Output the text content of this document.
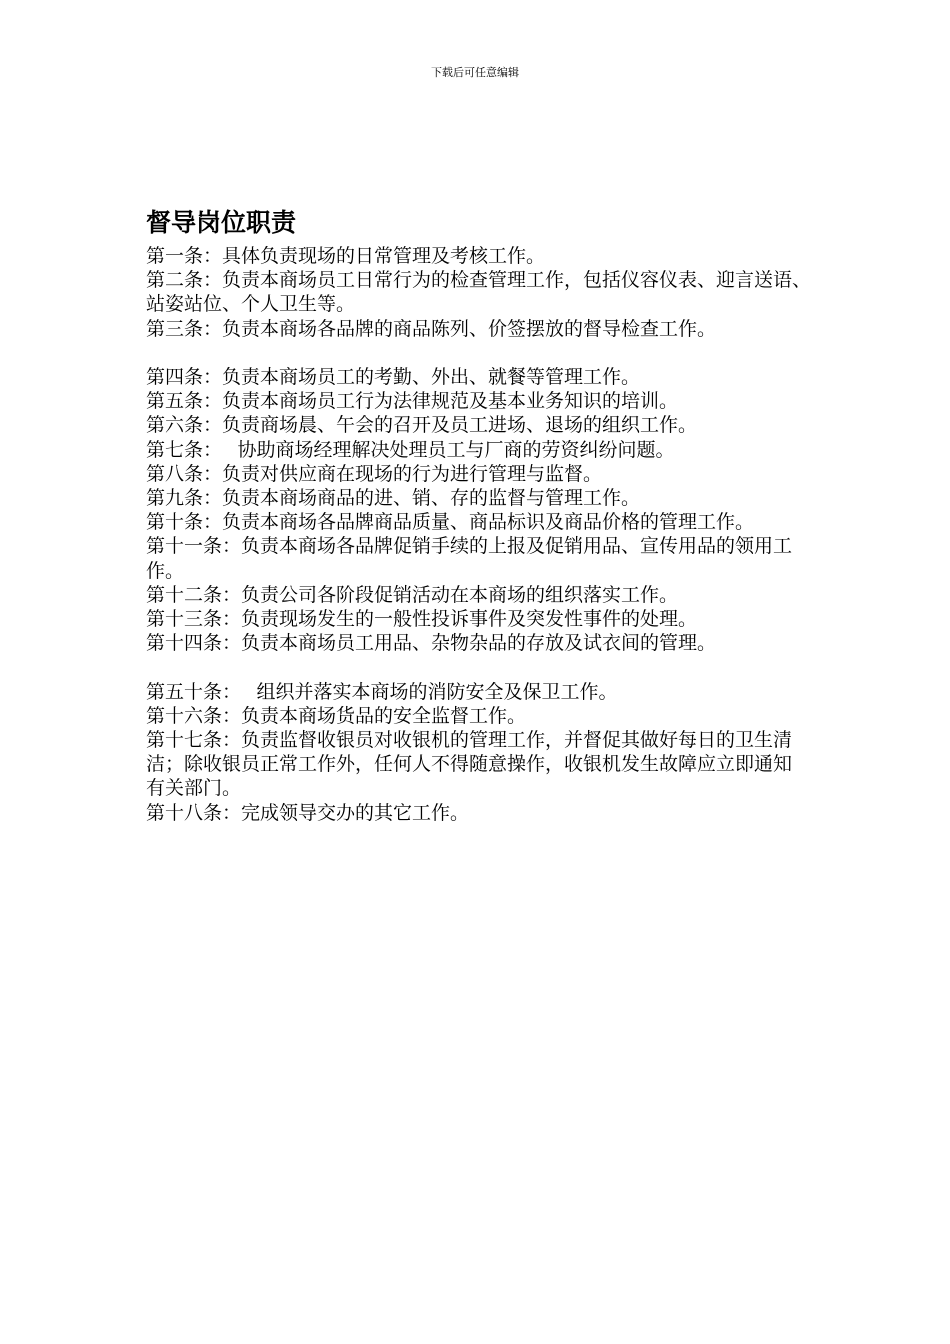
下载后可任意编辑
督导岗位职责

第一条：具体负责现场的日常管理及考核工作。

第二条：负责本商场员工日常行为的检查管理工作，包括仪容仪表、迎言送语、站姿站位、个人卫生等。

第三条：负责本商场各品牌的商品陈列、价签摆放的督导检查工作。

第四条：负责本商场员工的考勤、外出、就餐等管理工作。

第五条：负责本商场员工行为法律规范及基本业务知识的培训。

第六条：负责商场晨、午会的召开及员工进场、退场的组织工作。

第七条：　 协助商场经理解决处理员工与厂商的劳资纠纷问题。

第八条：负责对供应商在现场的行为进行管理与监督。

第九条：负责本商场商品的进、销、存的监督与管理工作。

第十条：负责本商场各品牌商品质量、商品标识及商品价格的管理工作。

第十一条：负责本商场各品牌促销手续的上报及促销用品、宣传用品的领用工作。

第十二条：负责公司各阶段促销活动在本商场的组织落实工作。

第十三条：负责现场发生的一般性投诉事件及突发性事件的处理。

第十四条：负责本商场员工用品、杂物杂品的存放及试衣间的管理。

第五十条：　 组织并落实本商场的消防安全及保卫工作。

第十六条：负责本商场货品的安全监督工作。

第十七条：负责监督收银员对收银机的管理工作，并督促其做好每日的卫生清洁；除收银员正常工作外，任何人不得随意操作，收银机发生故障应立即通知有关部门。

第十八条：完成领导交办的其它工作。
